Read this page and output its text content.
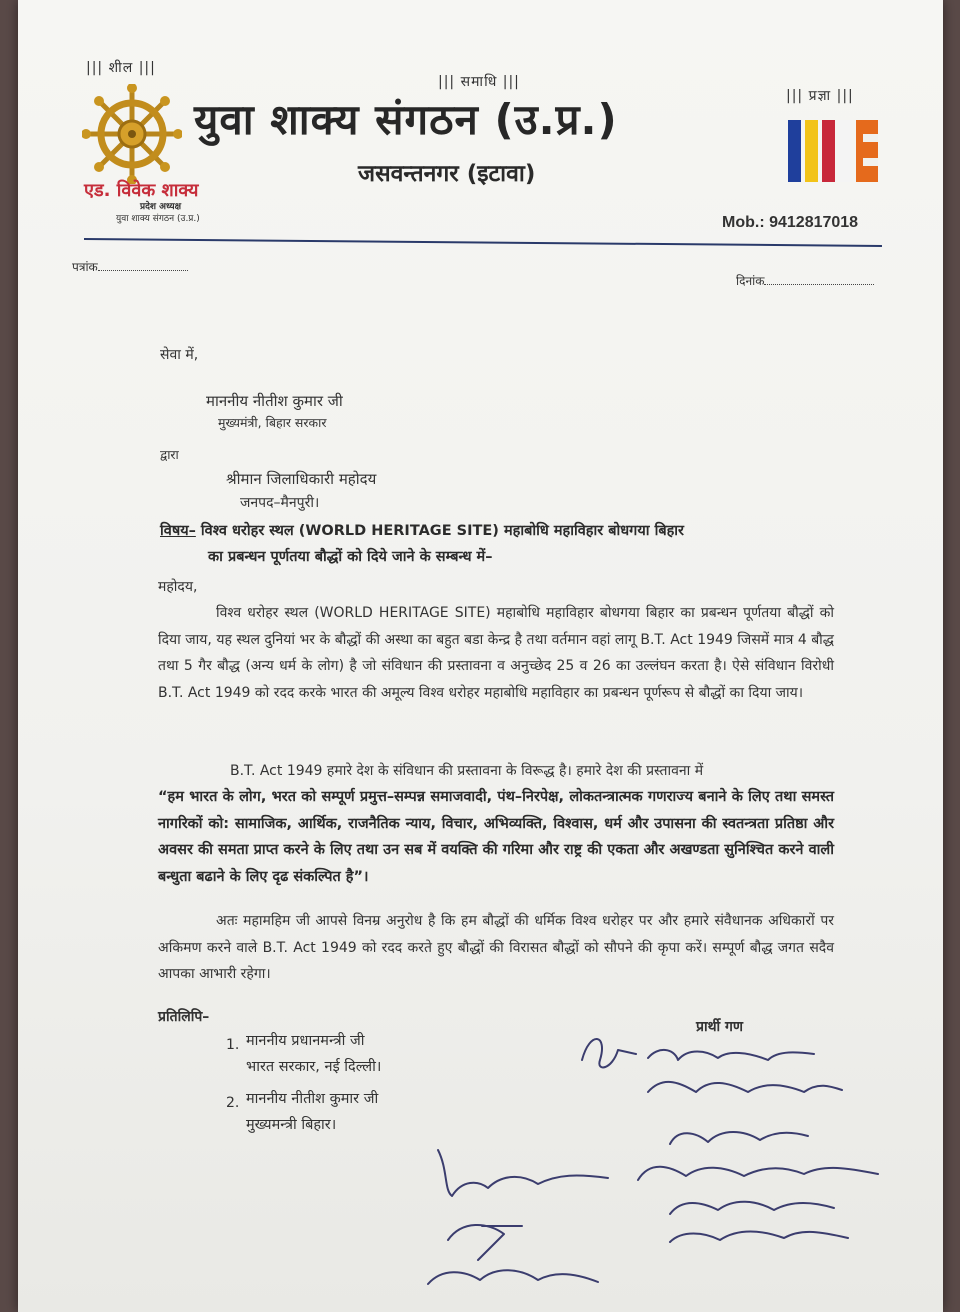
||| शील |||
||| समाधि |||
||| प्रज्ञा |||
युवा शाक्य संगठन (उ.प्र.)
जसवन्तनगर (इटावा)
एड. विवेक शाक्य
प्रदेश अध्यक्ष
युवा शाक्य संगठन (उ.प्र.)	Mob.: 9412817018
पत्रांक
दिनांक
सेवा में,
माननीय नीतीश कुमार जी
मुख्यमंत्री, बिहार सरकार
द्वारा
श्रीमान जिलाधिकारी महोदय
जनपद–मैनपुरी।
विषय– विश्व धरोहर स्थल (WORLD HERITAGE SITE) महाबोधि महाविहार बोधगया बिहार
का प्रबन्धन पूर्णतया बौद्धों को दिये जाने के सम्बन्ध में–
महोदय,
विश्व धरोहर स्थल (WORLD HERITAGE SITE) महाबोधि महाविहार बोधगया बिहार का प्रबन्धन पूर्णतया बौद्धों को दिया जाय, यह स्थल दुनियां भर के बौद्धों की अस्था का बहुत बडा केन्द्र है तथा वर्तमान वहां लागू B.T. Act 1949 जिसमें मात्र 4 बौद्ध तथा 5 गैर बौद्ध (अन्य धर्म के लोग) है जो संविधान की प्रस्तावना व अनुच्छेद 25 व 26 का उल्लंघन करता है। ऐसे संविधान विरोधी B.T. Act 1949 को रदद करके भारत की अमूल्य विश्व धरोहर महाबोधि महाविहार का प्रबन्धन पूर्णरूप से बौद्धों का दिया जाय।
B.T. Act 1949 हमारे देश के संविधान की प्रस्तावना के विरूद्ध है। हमारे देश की प्रस्तावना में
“हम भारत के लोग, भरत को सम्पूर्ण प्रमुत्त–सम्पन्न समाजवादी, पंथ–निरपेक्ष, लोकतन्त्रात्मक गणराज्य बनाने के लिए तथा समस्त नागरिकों को: सामाजिक, आर्थिक, राजनैतिक न्याय, विचार, अभिव्यक्ति, विश्वास, धर्म और उपासना की स्वतन्त्रता प्रतिष्ठा और अवसर की समता प्राप्त करने के लिए तथा उन सब में वयक्ति की गरिमा और राष्ट्र की एकता और अखण्डता सुनिश्चित करने वाली बन्धुता बढाने के लिए दृढ संकल्पित है”।
अतः महामहिम जी आपसे विनम्र अनुरोध है कि हम बौद्धों की धर्मिक विश्व धरोहर पर और हमारे संवैधानक अधिकारों पर अकिमण करने वाले B.T. Act 1949 को रदद करते हुए बौद्धों की विरासत बौद्धों को सौपने की कृपा करें। सम्पूर्ण बौद्ध जगत सदैव आपका आभारी रहेगा।
प्रतिलिपि–
1. माननीय प्रधानमन्त्री जी
भारत सरकार, नई दिल्ली।
2. माननीय नीतीश कुमार जी
मुख्यमन्त्री बिहार।
प्रार्थी गण
